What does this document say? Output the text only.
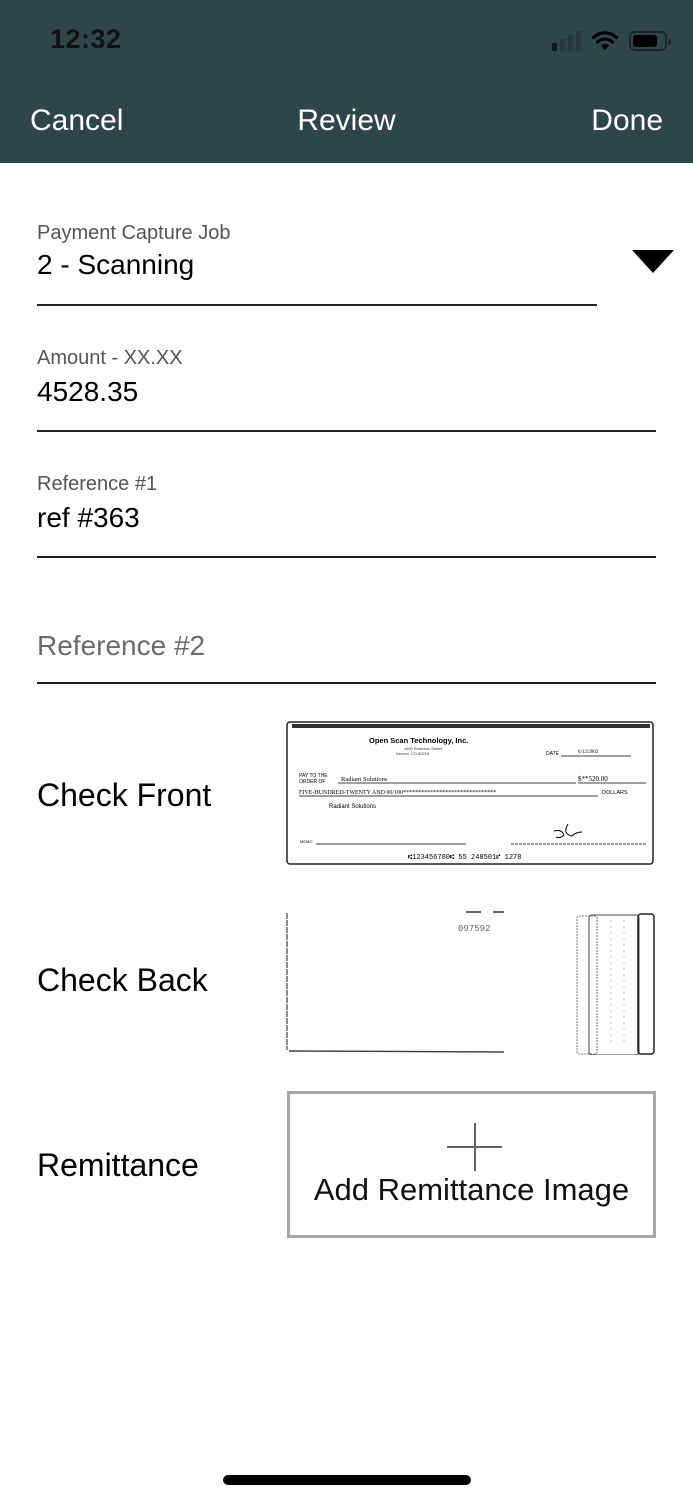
12:32
Cancel	Review	Done
Payment Capture Job
2 - Scanning
Amount - XX.XX
4528.35
Reference #1
ref #363
Reference #2
Check Front
Open Scan Technology, Inc.
1600 Emerson Street
Denver, CO 80218	DATE	6/12/2002
PAY TO THE
ORDER OF Radiant Solutions	$**520.00
FIVE-HUNDRED-TWENTY AND 00/100*******************************	DOLLARS
Radiant Solutions
MEMO
⑆123456780⑆ 55 248501⑈ 1278
Check Back
097592
Remittance
Add Remittance Image
